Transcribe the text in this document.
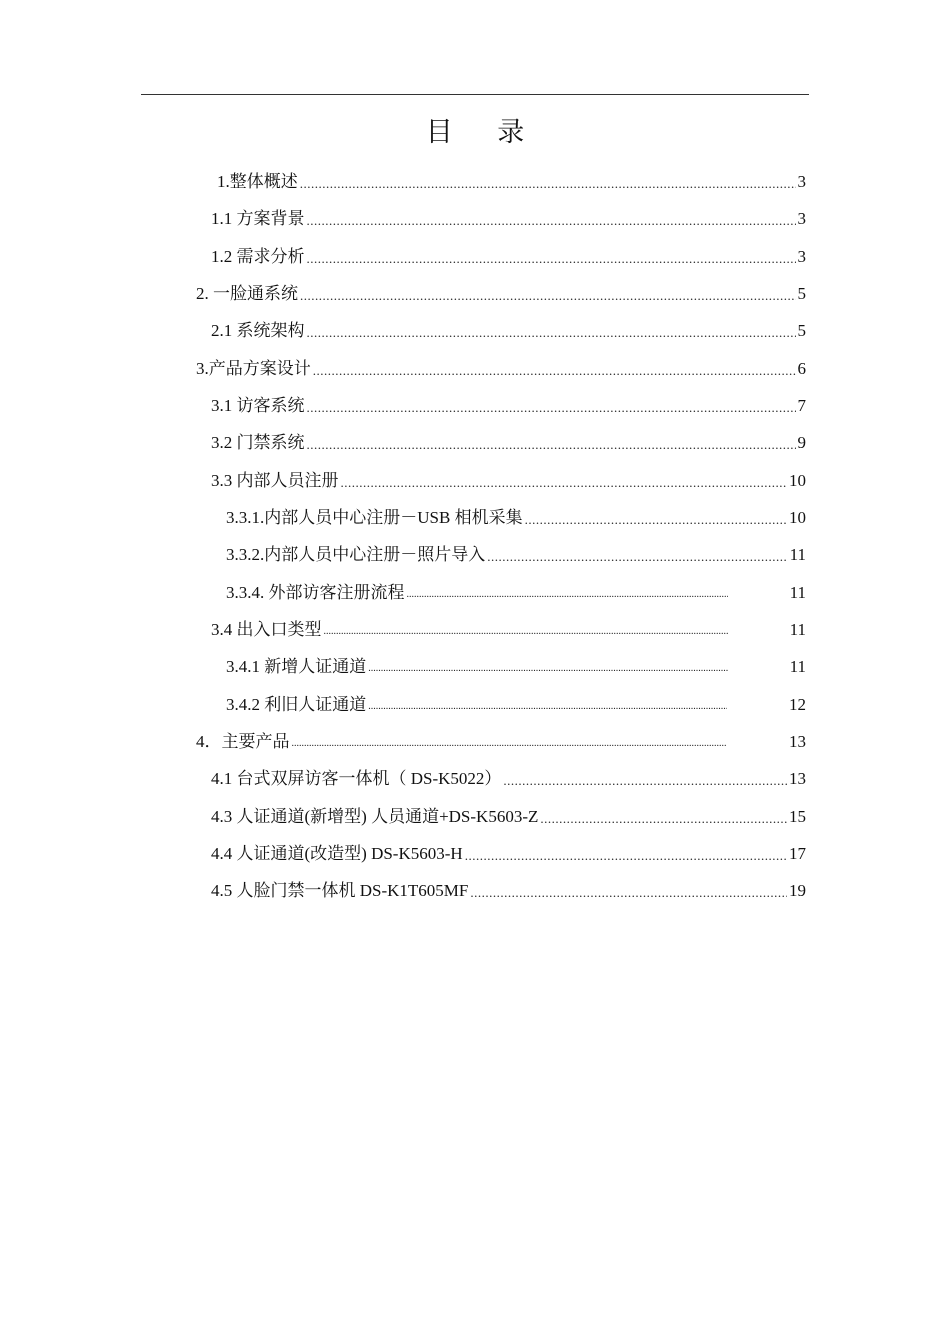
目 录
1.整体概述 .....	3
1.1 方案背景 .....	3
1.2 需求分析 .....	3
2. 一脸通系统 .....	5
2.1 系统架构 .....	5
3.产品方案设计 .....	6
3.1 访客系统 .....	7
3.2 门禁系统 .....	9
3.3 内部人员注册 .....	10
3.3.1.内部人员中心注册－USB 相机采集 .....	10
3.3.2.内部人员中心注册－照片导入 .....	11
3.3.4. 外部访客注册流程 .....	11
3.4 出入口类型 .....	11
3.4.1 新增人证通道 .....	11
3.4.2 利旧人证通道 .....	12
4．主要产品 .....	13
4.1 台式双屏访客一体机（ DS-K5022） .....	13
4.3 人证通道(新增型) 人员通道+DS-K5603-Z .....	15
4.4 人证通道(改造型) DS-K5603-H .....	17
4.5 人脸门禁一体机 DS-K1T605MF .....	19
